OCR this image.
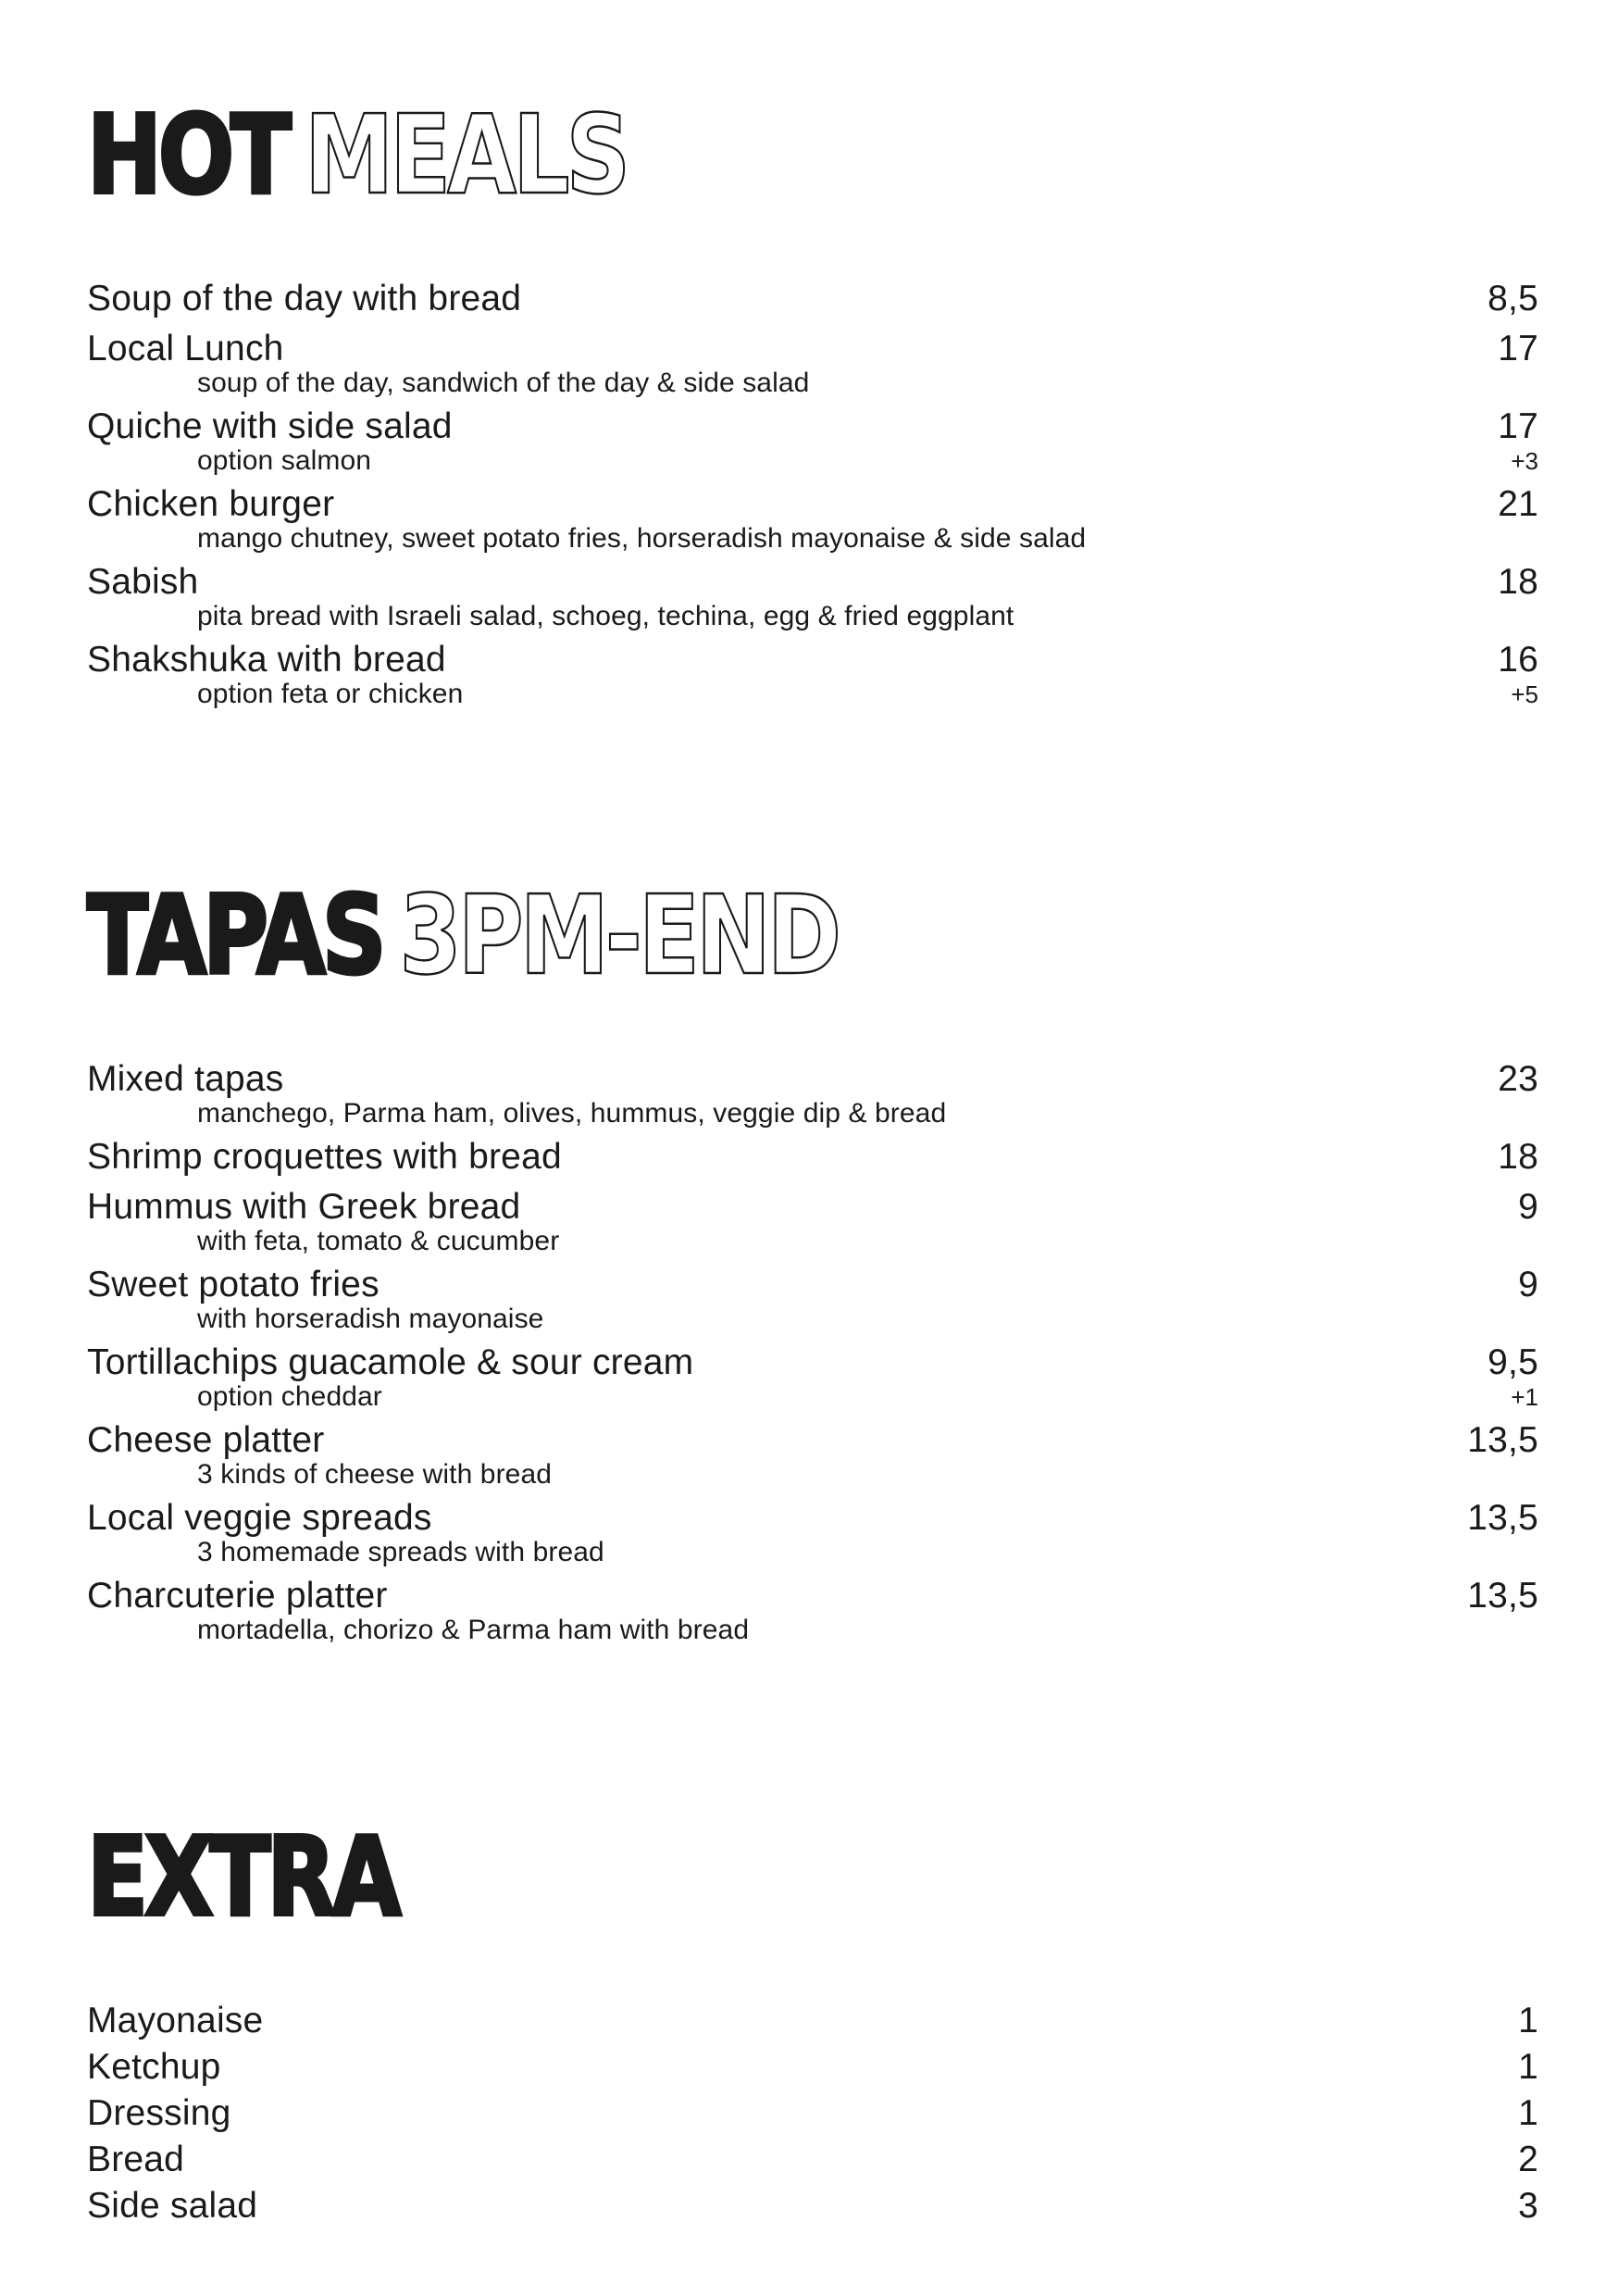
HOT MEALS
Soup of the day with bread	8,5
Local Lunch	17
soup of the day, sandwich of the day & side salad
Quiche with side salad	17
option salmon	+3
Chicken burger	21
mango chutney, sweet potato fries, horseradish mayonaise & side salad
Sabish	18
pita bread with Israeli salad, schoeg, techina, egg & fried eggplant
Shakshuka with bread	16
option feta or chicken	+5
TAPAS 3PM-END
Mixed tapas	23
manchego, Parma ham, olives, hummus, veggie dip & bread
Shrimp croquettes with bread	18
Hummus with Greek bread	9
with feta, tomato & cucumber
Sweet potato fries	9
with horseradish mayonaise
Tortillachips guacamole & sour cream	9,5
option cheddar	+1
Cheese platter	13,5
3 kinds of cheese with bread
Local veggie spreads	13,5
3 homemade spreads with bread
Charcuterie platter	13,5
mortadella, chorizo & Parma ham with bread
EXTRA
Mayonaise	1
Ketchup	1
Dressing	1
Bread	2
Side salad	3
